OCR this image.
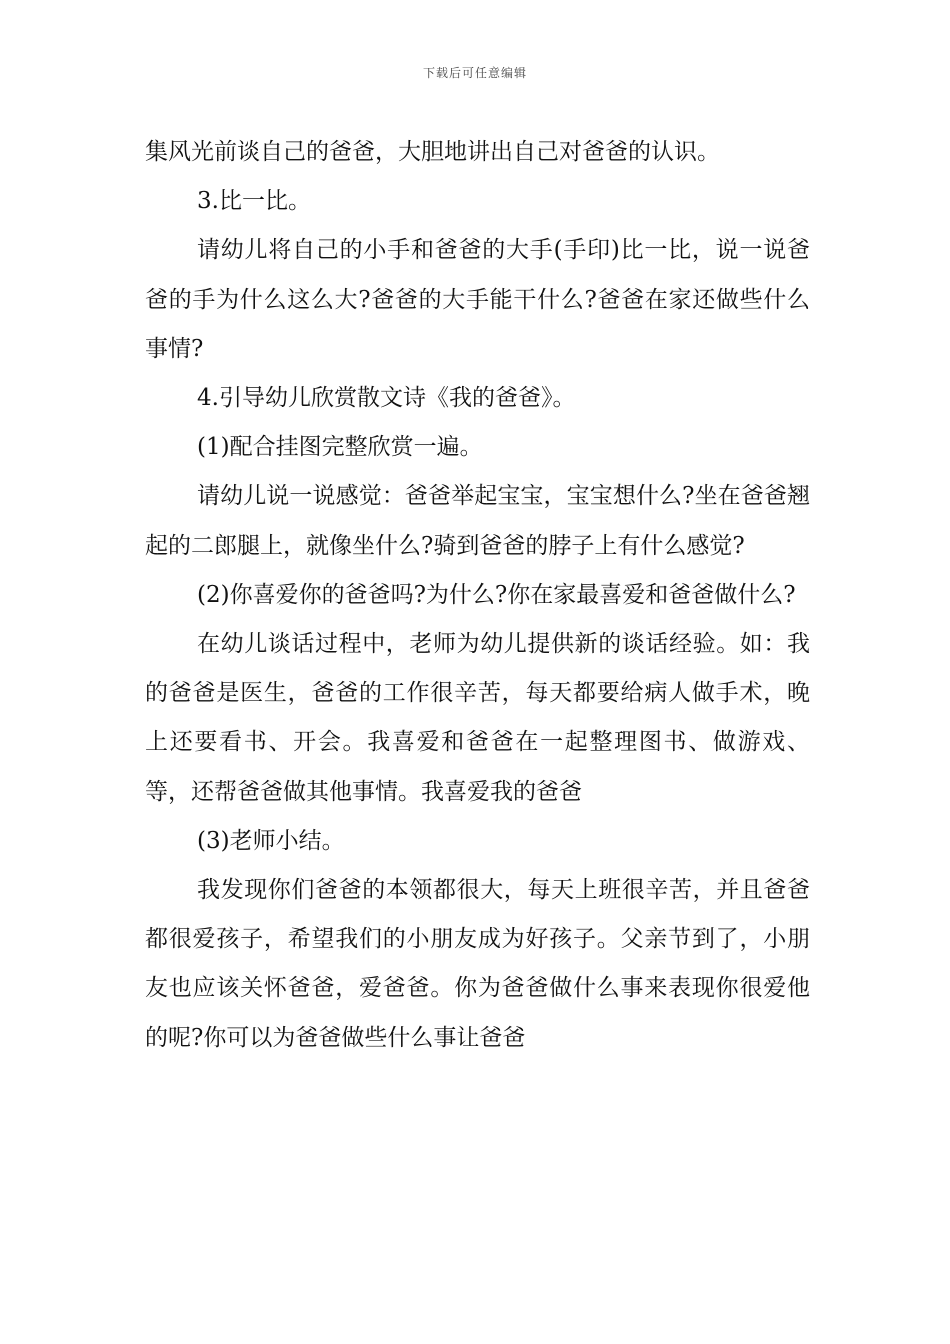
下载后可任意编辑

集风光前谈自己的爸爸，大胆地讲出自己对爸爸的认识。

3.比一比。

请幼儿将自己的小手和爸爸的大手(手印)比一比，说一说爸爸的手为什么这么大?爸爸的大手能干什么?爸爸在家还做些什么事情?

4.引导幼儿欣赏散文诗《我的爸爸》。

(1)配合挂图完整欣赏一遍。

请幼儿说一说感觉：爸爸举起宝宝，宝宝想什么?坐在爸爸翘起的二郎腿上，就像坐什么?骑到爸爸的脖子上有什么感觉?

(2)你喜爱你的爸爸吗?为什么?你在家最喜爱和爸爸做什么?

在幼儿谈话过程中，老师为幼儿提供新的谈话经验。如：我的爸爸是医生，爸爸的工作很辛苦，每天都要给病人做手术，晚上还要看书、开会。我喜爱和爸爸在一起整理图书、做游戏、等，还帮爸爸做其他事情。我喜爱我的爸爸

(3)老师小结。

我发现你们爸爸的本领都很大，每天上班很辛苦，并且爸爸都很爱孩子，希望我们的小朋友成为好孩子。父亲节到了，小朋友也应该关怀爸爸，爱爸爸。你为爸爸做什么事来表现你很爱他的呢?你可以为爸爸做些什么事让爸爸
